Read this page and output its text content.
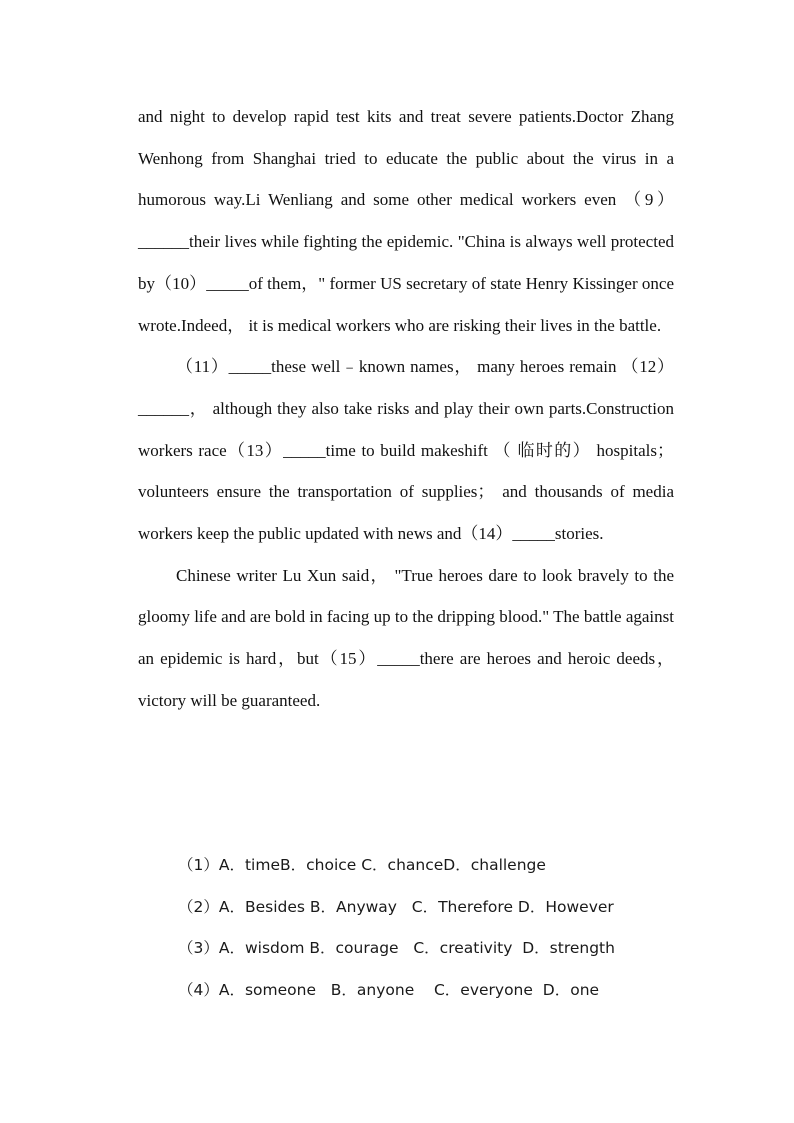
and night to develop rapid test kits and treat severe patients.Doctor Zhang Wenhong from Shanghai tried to educate the public about the virus in a humorous way.Li Wenliang and some other medical workers even （9）______their lives while fighting the epidemic. "China is always well protected by（10）_____of them，" former US secretary of state Henry Kissinger once wrote.Indeed， it is medical workers who are risking their lives in the battle.

（11）_____these well﹣known names， many heroes remain （12）______， although they also take risks and play their own parts.Construction workers race（13）_____time to build makeshift （ 临时的） hospitals； volunteers ensure the transportation of supplies； and thousands of media workers keep the public updated with news and（14）_____stories.

Chinese writer Lu Xun said， "True heroes dare to look bravely to the gloomy life and are bold in facing up to the dripping blood." The battle against an epidemic is hard，but（15）_____there are heroes and heroic deeds，victory will be guaranteed.

（1）A．timeB．choice C．chanceD．challenge
（2）A．Besides B．Anyway   C．Therefore D．However
（3）A．wisdom B．courage   C．creativity  D．strength
（4）A．someone   B．anyone    C．everyone  D．one
